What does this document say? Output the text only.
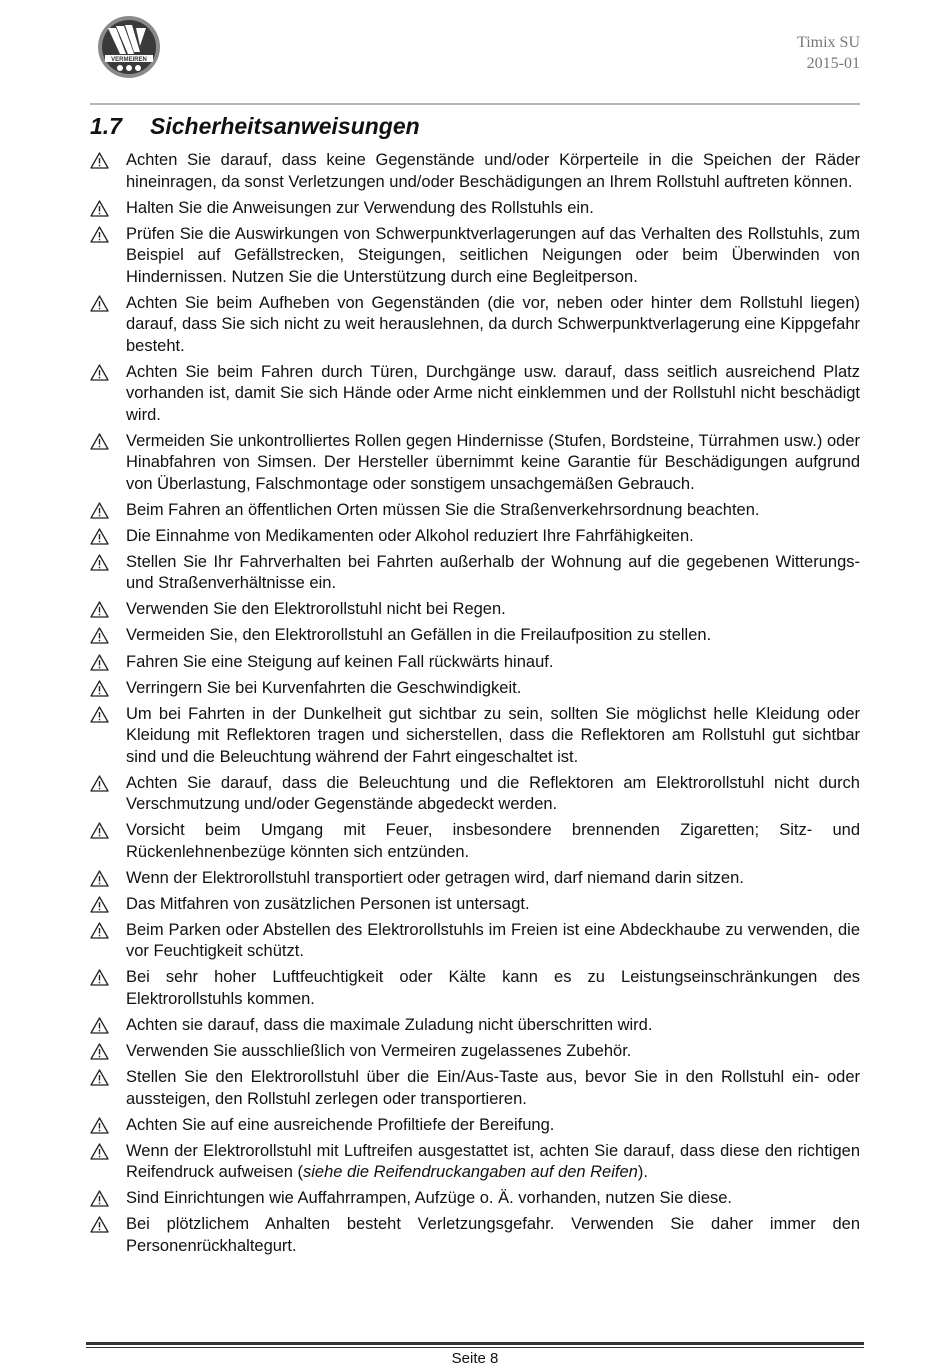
VERMEIREN
Timix SU
2015-01
1.7 Sicherheitsanweisungen
Achten Sie darauf, dass keine Gegenstände und/oder Körperteile in die Speichen der Räder hineinragen, da sonst Verletzungen und/oder Beschädigungen an Ihrem Rollstuhl auftreten können.
Halten Sie die Anweisungen zur Verwendung des Rollstuhls ein.
Prüfen Sie die Auswirkungen von Schwerpunktverlagerungen auf das Verhalten des Rollstuhls, zum Beispiel auf Gefällstrecken, Steigungen, seitlichen Neigungen oder beim Überwinden von Hindernissen. Nutzen Sie die Unterstützung durch eine Begleitperson.
Achten Sie beim Aufheben von Gegenständen (die vor, neben oder hinter dem Rollstuhl liegen) darauf, dass Sie sich nicht zu weit herauslehnen, da durch Schwerpunktverlagerung eine Kippgefahr besteht.
Achten Sie beim Fahren durch Türen, Durchgänge usw. darauf, dass seitlich ausreichend Platz vorhanden ist, damit Sie sich Hände oder Arme nicht einklemmen und der Rollstuhl nicht beschädigt wird.
Vermeiden Sie unkontrolliertes Rollen gegen Hindernisse (Stufen, Bordsteine, Türrahmen usw.) oder Hinabfahren von Simsen. Der Hersteller übernimmt keine Garantie für Beschädigungen aufgrund von Überlastung, Falschmontage oder sonstigem unsachgemäßen Gebrauch.
Beim Fahren an öffentlichen Orten müssen Sie die Straßenverkehrsordnung beachten.
Die Einnahme von Medikamenten oder Alkohol reduziert Ihre Fahrfähigkeiten.
Stellen Sie Ihr Fahrverhalten bei Fahrten außerhalb der Wohnung auf die gegebenen Witterungs- und Straßenverhältnisse ein.
Verwenden Sie den Elektrorollstuhl nicht bei Regen.
Vermeiden Sie, den Elektrorollstuhl an Gefällen in die Freilaufposition zu stellen.
Fahren Sie eine Steigung auf keinen Fall rückwärts hinauf.
Verringern Sie bei Kurvenfahrten die Geschwindigkeit.
Um bei Fahrten in der Dunkelheit gut sichtbar zu sein, sollten Sie möglichst helle Kleidung oder Kleidung mit Reflektoren tragen und sicherstellen, dass die Reflektoren am Rollstuhl gut sichtbar sind und die Beleuchtung während der Fahrt eingeschaltet ist.
Achten Sie darauf, dass die Beleuchtung und die Reflektoren am Elektrorollstuhl nicht durch Verschmutzung und/oder Gegenstände abgedeckt werden.
Vorsicht beim Umgang mit Feuer, insbesondere brennenden Zigaretten; Sitz- und Rückenlehnenbezüge könnten sich entzünden.
Wenn der Elektrorollstuhl transportiert oder getragen wird, darf niemand darin sitzen.
Das Mitfahren von zusätzlichen Personen ist untersagt.
Beim Parken oder Abstellen des Elektrorollstuhls im Freien ist eine Abdeckhaube zu verwenden, die vor Feuchtigkeit schützt.
Bei sehr hoher Luftfeuchtigkeit oder Kälte kann es zu Leistungseinschränkungen des Elektrorollstuhls kommen.
Achten sie darauf, dass die maximale Zuladung nicht überschritten wird.
Verwenden Sie ausschließlich von Vermeiren zugelassenes Zubehör.
Stellen Sie den Elektrorollstuhl über die Ein/Aus-Taste aus, bevor Sie in den Rollstuhl ein- oder aussteigen, den Rollstuhl zerlegen oder transportieren.
Achten Sie auf eine ausreichende Profiltiefe der Bereifung.
Wenn der Elektrorollstuhl mit Luftreifen ausgestattet ist, achten Sie darauf, dass diese den richtigen Reifendruck aufweisen (siehe die Reifendruckangaben auf den Reifen).
Sind Einrichtungen wie Auffahrrampen, Aufzüge o. Ä. vorhanden, nutzen Sie diese.
Bei plötzlichem Anhalten besteht Verletzungsgefahr. Verwenden Sie daher immer den Personenrückhaltegurt.
Seite 8
